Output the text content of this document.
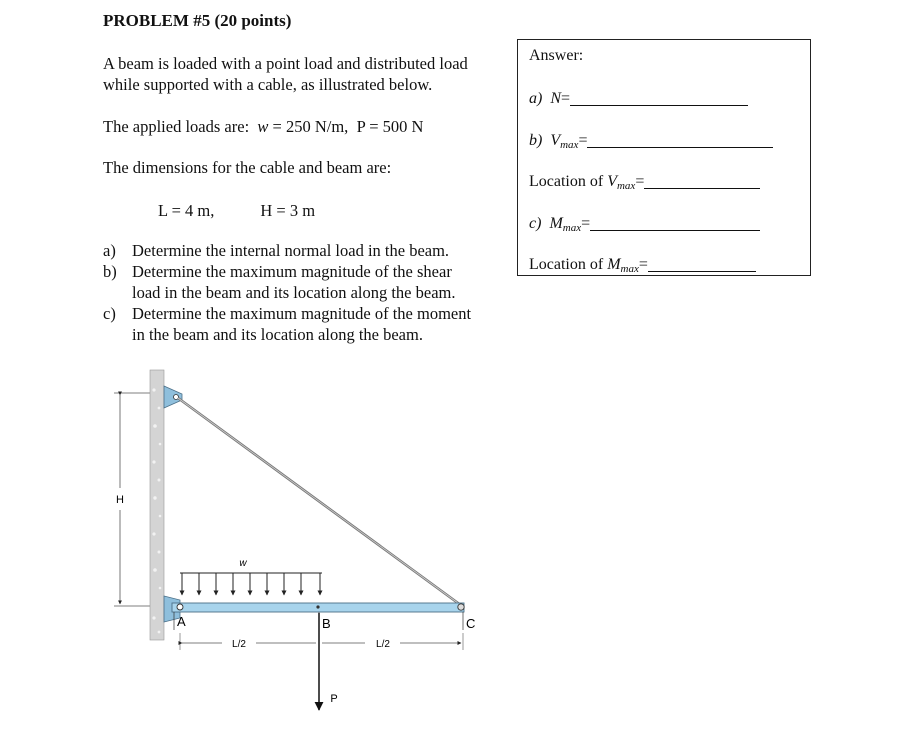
PROBLEM #5 (20 points)
A beam is loaded with a point load and distributed load
while supported with a cable, as illustrated below.
The applied loads are: w = 250 N/m, P = 500 N
The dimensions for the cable and beam are:
L = 4 m,	H = 3 m
a) Determine the internal normal load in the beam.
b) Determine the maximum magnitude of the shear
load in the beam and its location along the beam.
c) Determine the maximum magnitude of the moment
in the beam and its location along the beam.
Answer:
a) N=
b) $V_{max}=$
Location of $V_{max}=$
c) $M_{max}=$
Location of $M_{max}=$
H
w
A	B	C
L/2	L/2
P
